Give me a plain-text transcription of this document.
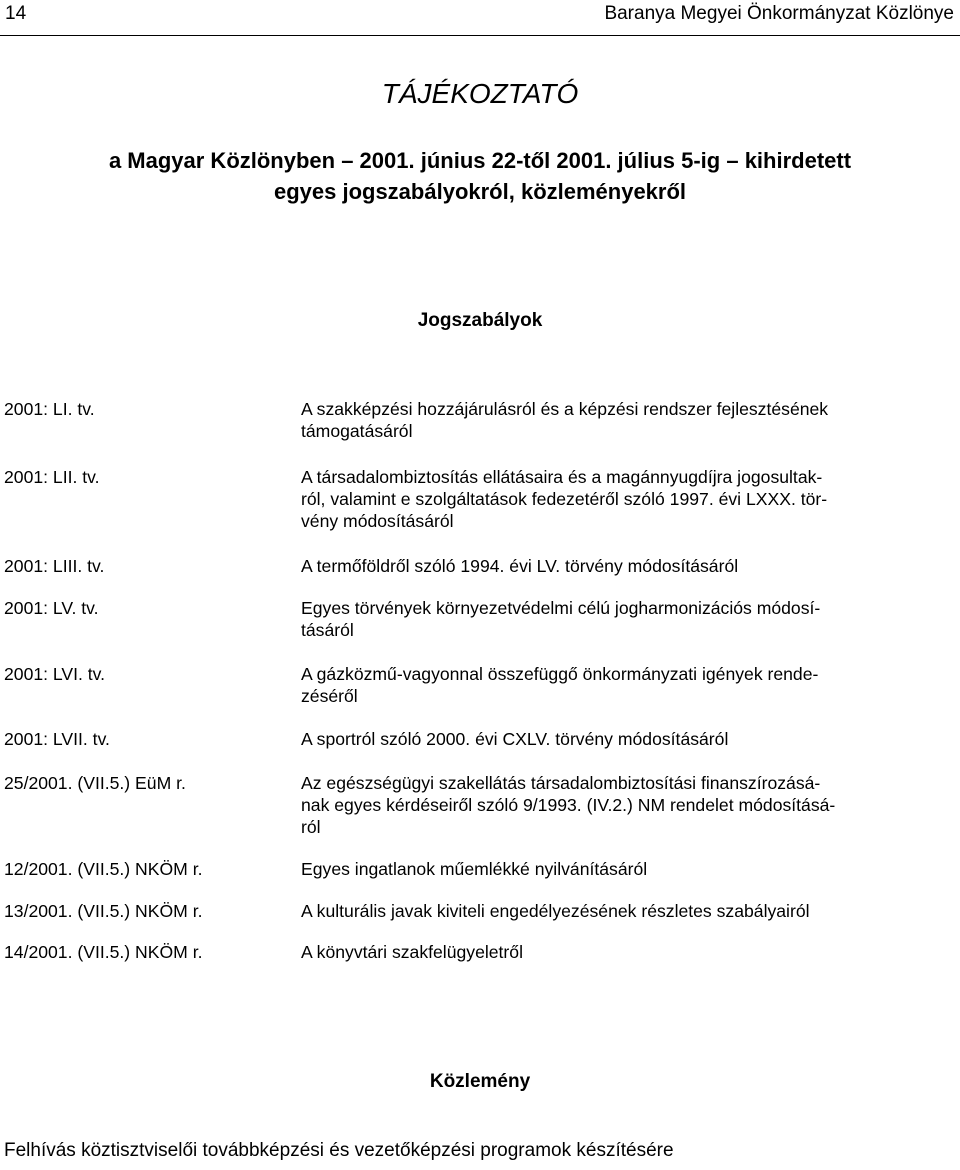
14	Baranya Megyei Önkormányzat Közlönye
TÁJÉKOZTATÓ
a Magyar Közlönyben – 2001. június 22-től 2001. július 5-ig – kihirdetett
egyes jogszabályokról, közleményekről
Jogszabályok
2001: LI. tv.	A szakképzési hozzájárulásról és a képzési rendszer fejlesztésének
támogatásáról
2001: LII. tv.	A társadalombiztosítás ellátásaira és a magánnyugdíjra jogosultak-
ról, valamint e szolgáltatások fedezetéről szóló 1997. évi LXXX. tör-
vény módosításáról
2001: LIII. tv.	A termőföldről szóló 1994. évi LV. törvény módosításáról
2001: LV. tv.	Egyes törvények környezetvédelmi célú jogharmonizációs módosí-
tásáról
2001: LVI. tv.	A gázközmű-vagyonnal összefüggő önkormányzati igények rende-
zéséről
2001: LVII. tv.	A sportról szóló 2000. évi CXLV. törvény módosításáról
25/2001. (VII.5.) EüM r.	Az egészségügyi szakellátás társadalombiztosítási finanszírozásá-
nak egyes kérdéseiről szóló 9/1993. (IV.2.) NM rendelet módosításá-
ról
12/2001. (VII.5.) NKÖM r.	Egyes ingatlanok műemlékké nyilvánításáról
13/2001. (VII.5.) NKÖM r.	A kulturális javak kiviteli engedélyezésének részletes szabályairól
14/2001. (VII.5.) NKÖM r.	A könyvtári szakfelügyeletről
Közlemény
Felhívás köztisztviselői továbbképzési és vezetőképzési programok készítésére
